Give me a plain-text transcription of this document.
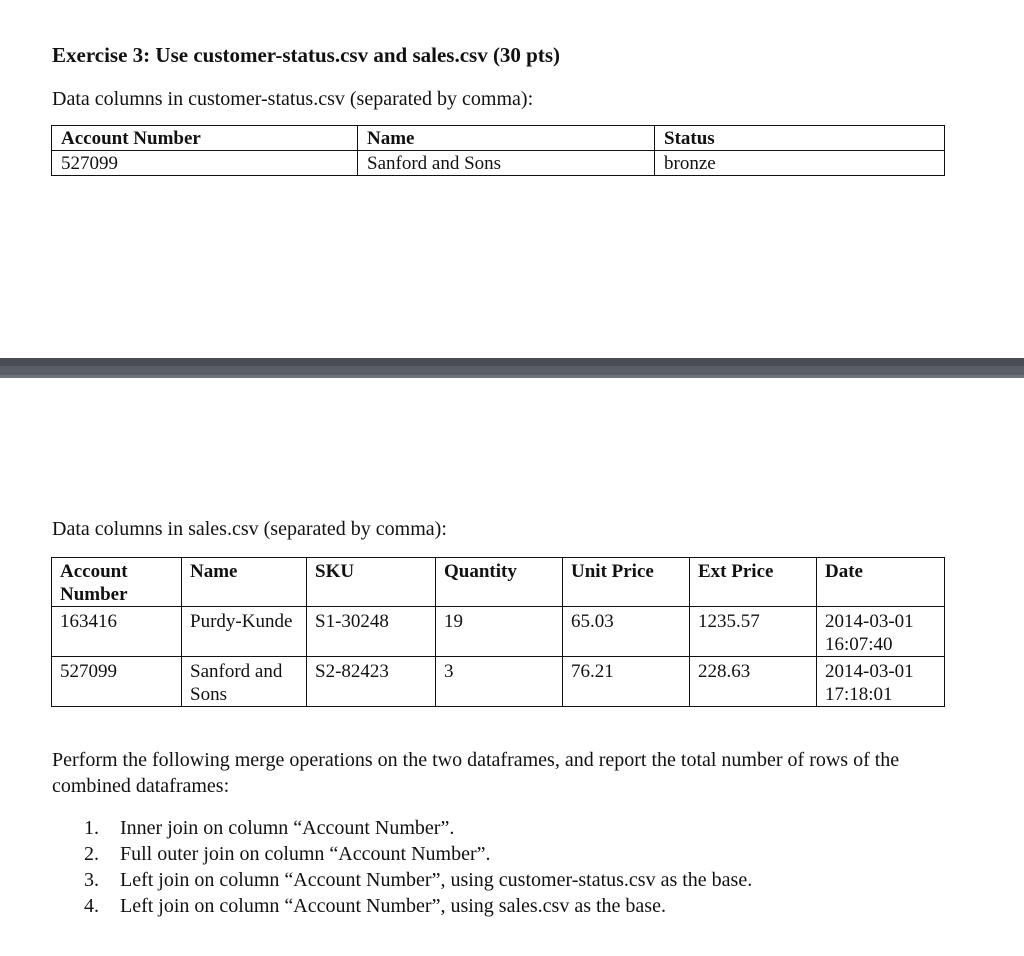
Exercise 3: Use customer-status.csv and sales.csv (30 pts)
Data columns in customer-status.csv (separated by comma):
Account Number	Name	Status
527099	Sanford and Sons	bronze
Data columns in sales.csv (separated by comma):
Account Number	Name	SKU	Quantity	Unit Price	Ext Price	Date
163416	Purdy-Kunde	S1-30248	19	65.03	1235.57	2014-03-01 16:07:40
527099	Sanford and Sons	S2-82423	3	76.21	228.63	2014-03-01 17:18:01
Perform the following merge operations on the two dataframes, and report the total number of rows of the combined dataframes:
1. Inner join on column “Account Number”.
2. Full outer join on column “Account Number”.
3. Left join on column “Account Number”, using customer-status.csv as the base.
4. Left join on column “Account Number”, using sales.csv as the base.
